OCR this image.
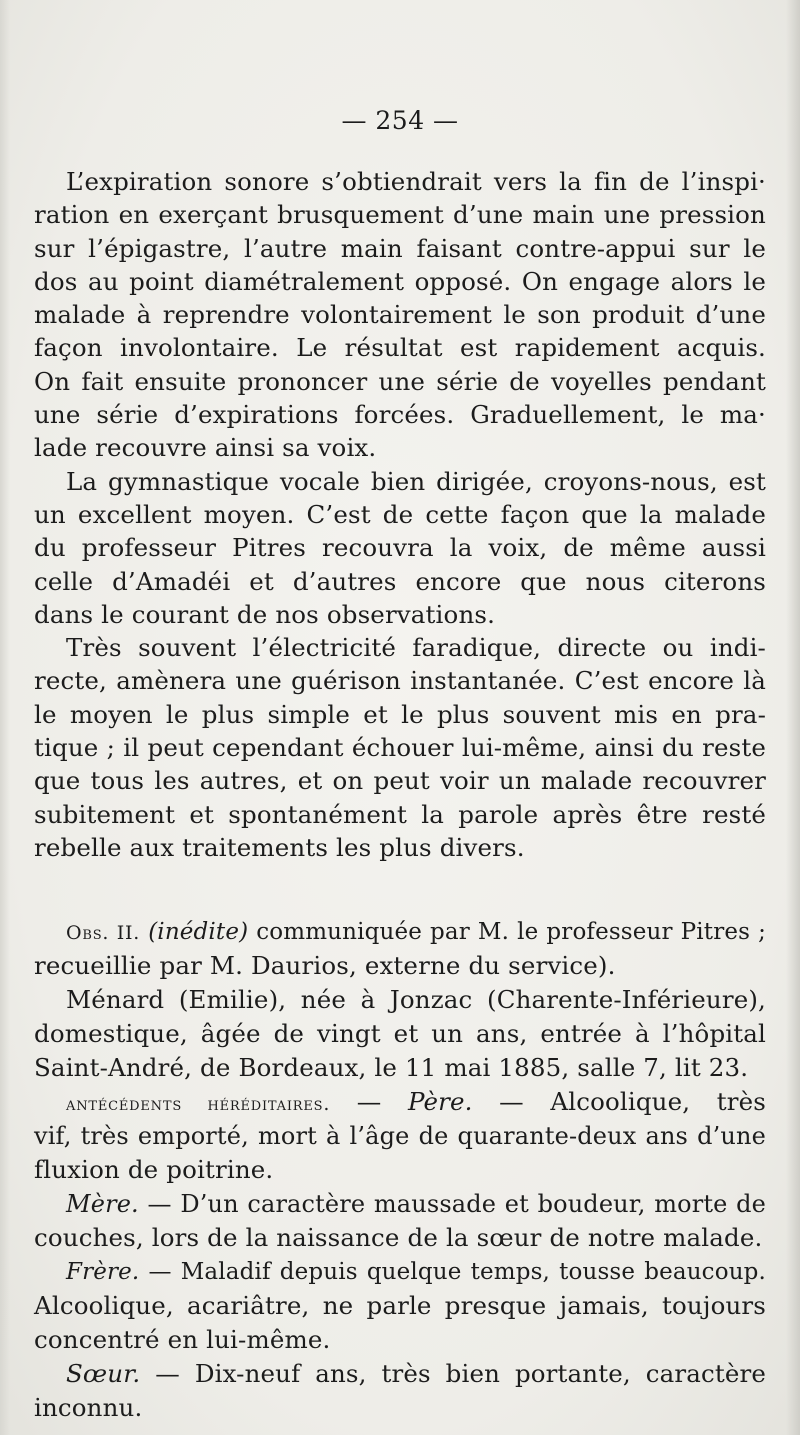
— 254 —
L’expiration sonore s’obtiendrait vers la fin de l’inspi·
ration en exerçant brusquement d’une main une pression
sur l’épigastre, l’autre main faisant contre-appui sur le
dos au point diamétralement opposé. On engage alors le
malade à reprendre volontairement le son produit d’une
façon involontaire. Le résultat est rapidement acquis.
On fait ensuite prononcer une série de voyelles pendant
une série d’expirations forcées. Graduellement, le ma·
lade recouvre ainsi sa voix.
La gymnastique vocale bien dirigée, croyons-nous, est
un excellent moyen. C’est de cette façon que la malade
du professeur Pitres recouvra la voix, de même aussi
celle d’Amadéi et d’autres encore que nous citerons
dans le courant de nos observations.
Très souvent l’électricité faradique, directe ou indi-
recte, amènera une guérison instantanée. C’est encore là
le moyen le plus simple et le plus souvent mis en pra-
tique ; il peut cependant échouer lui-même, ainsi du reste
que tous les autres, et on peut voir un malade recouvrer
subitement et spontanément la parole après être resté
rebelle aux traitements les plus divers.
Obs. II. (inédite) communiquée par M. le professeur Pitres ;
recueillie par M. Daurios, externe du service).
Ménard (Emilie), née à Jonzac (Charente-Inférieure),
domestique, âgée de vingt et un ans, entrée à l’hôpital
Saint-André, de Bordeaux, le 11 mai 1885, salle 7, lit 23.
antécédents héréditaires. — Père. — Alcoolique, très
vif, très emporté, mort à l’âge de quarante-deux ans d’une
fluxion de poitrine.
Mère. — D’un caractère maussade et boudeur, morte de
couches, lors de la naissance de la sœur de notre malade.
Frère. — Maladif depuis quelque temps, tousse beaucoup.
Alcoolique, acariâtre, ne parle presque jamais, toujours
concentré en lui-même.
Sœur. — Dix-neuf ans, très bien portante, caractère
inconnu.
